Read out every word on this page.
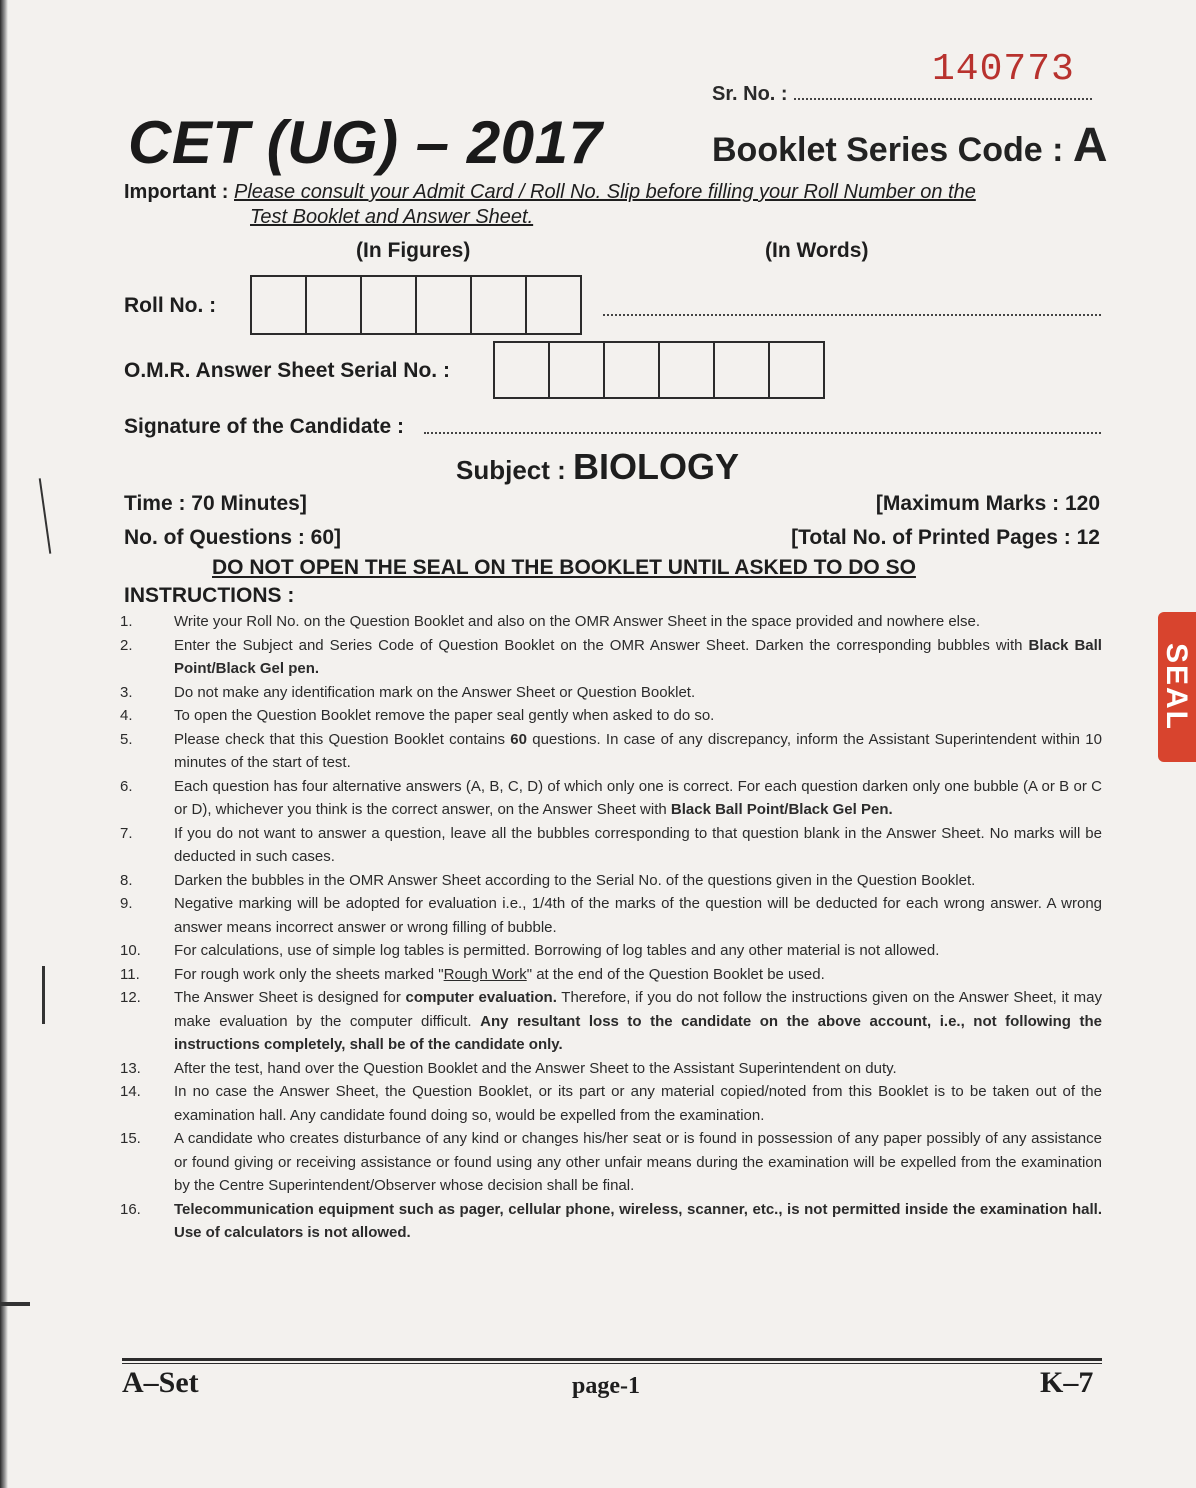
140773
Sr. No. :
CET (UG) – 2017	Booklet Series Code : A
Important : Please consult your Admit Card / Roll No. Slip before filling your Roll Number on the
Test Booklet and Answer Sheet.
(In Figures)	(In Words)
Roll No. :
O.M.R. Answer Sheet Serial No. :
Signature of the Candidate :
Subject : BIOLOGY
Time : 70 Minutes]	[Maximum Marks : 120
No. of Questions : 60]	[Total No. of Printed Pages : 12
DO NOT OPEN THE SEAL ON THE BOOKLET UNTIL ASKED TO DO SO
INSTRUCTIONS :
1.	Write your Roll No. on the Question Booklet and also on the OMR Answer Sheet in the space provided and nowhere else.
2.	Enter the Subject and Series Code of Question Booklet on the OMR Answer Sheet. Darken the corresponding bubbles with Black Ball Point/Black Gel pen.
3.	Do not make any identification mark on the Answer Sheet or Question Booklet.
4.	To open the Question Booklet remove the paper seal gently when asked to do so.
5.	Please check that this Question Booklet contains 60 questions. In case of any discrepancy, inform the Assistant Superintendent within 10 minutes of the start of test.
6.	Each question has four alternative answers (A, B, C, D) of which only one is correct. For each question darken only one bubble (A or B or C or D), whichever you think is the correct answer, on the Answer Sheet with Black Ball Point/Black Gel Pen.
7.	If you do not want to answer a question, leave all the bubbles corresponding to that question blank in the Answer Sheet. No marks will be deducted in such cases.
8.	Darken the bubbles in the OMR Answer Sheet according to the Serial No. of the questions given in the Question Booklet.
9.	Negative marking will be adopted for evaluation i.e., 1/4th of the marks of the question will be deducted for each wrong answer. A wrong answer means incorrect answer or wrong filling of bubble.
10.	For calculations, use of simple log tables is permitted. Borrowing of log tables and any other material is not allowed.
11.	For rough work only the sheets marked "Rough Work" at the end of the Question Booklet be used.
12.	The Answer Sheet is designed for computer evaluation. Therefore, if you do not follow the instructions given on the Answer Sheet, it may make evaluation by the computer difficult. Any resultant loss to the candidate on the above account, i.e., not following the instructions completely, shall be of the candidate only.
13.	After the test, hand over the Question Booklet and the Answer Sheet to the Assistant Superintendent on duty.
14.	In no case the Answer Sheet, the Question Booklet, or its part or any material copied/noted from this Booklet is to be taken out of the examination hall. Any candidate found doing so, would be expelled from the examination.
15.	A candidate who creates disturbance of any kind or changes his/her seat or is found in possession of any paper possibly of any assistance or found giving or receiving assistance or found using any other unfair means during the examination will be expelled from the examination by the Centre Superintendent/Observer whose decision shall be final.
16.	Telecommunication equipment such as pager, cellular phone, wireless, scanner, etc., is not permitted inside the examination hall. Use of calculators is not allowed.
A–Set	page-1	K–7
SEAL
